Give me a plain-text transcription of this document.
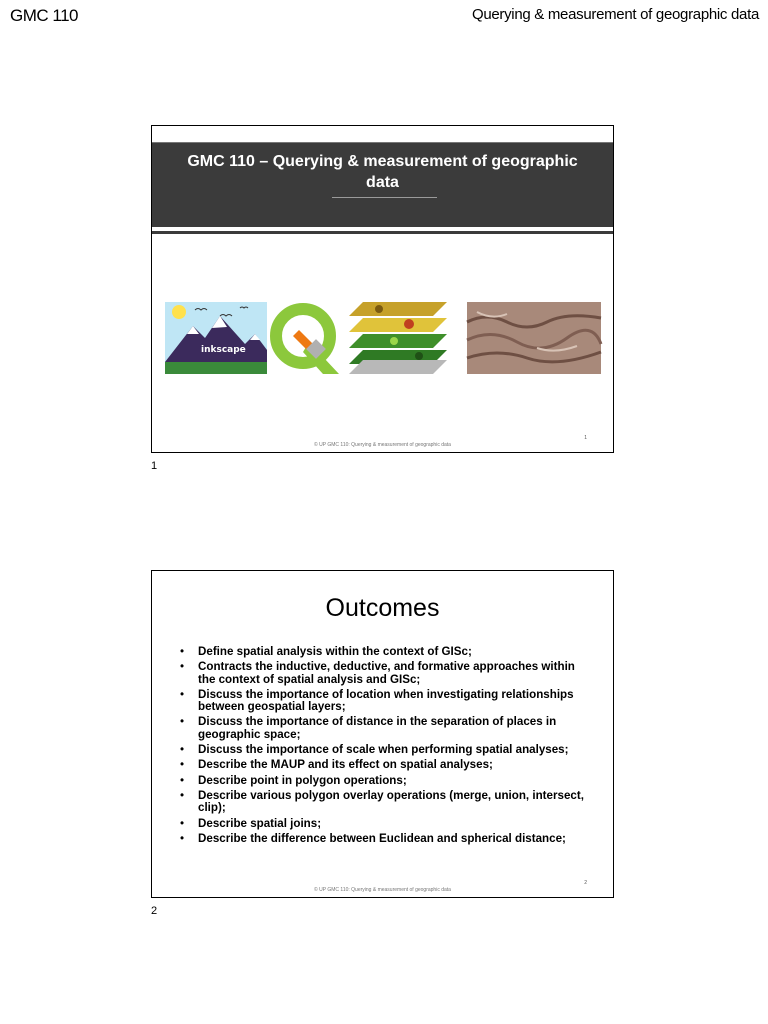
GMC 110	Querying & measurement of geographic data
GMC 110 – Querying & measurement of geographic data
inkscape
© UP GMC 110: Querying & measurement of geographic data
1
1
Outcomes
• Define spatial analysis within the context of GISc;
• Contracts the inductive, deductive, and formative approaches within the context of spatial analysis and GISc;
• Discuss the importance of location when investigating relationships between geospatial layers;
• Discuss the importance of distance in the separation of places in geographic space;
• Discuss the importance of scale when performing spatial analyses;
• Describe the MAUP and its effect on spatial analyses;
• Describe point in polygon operations;
• Describe various polygon overlay operations (merge, union, intersect, clip);
• Describe spatial joins;
• Describe the difference between Euclidean and spherical distance;
© UP GMC 110: Querying & measurement of geographic data
2
2
